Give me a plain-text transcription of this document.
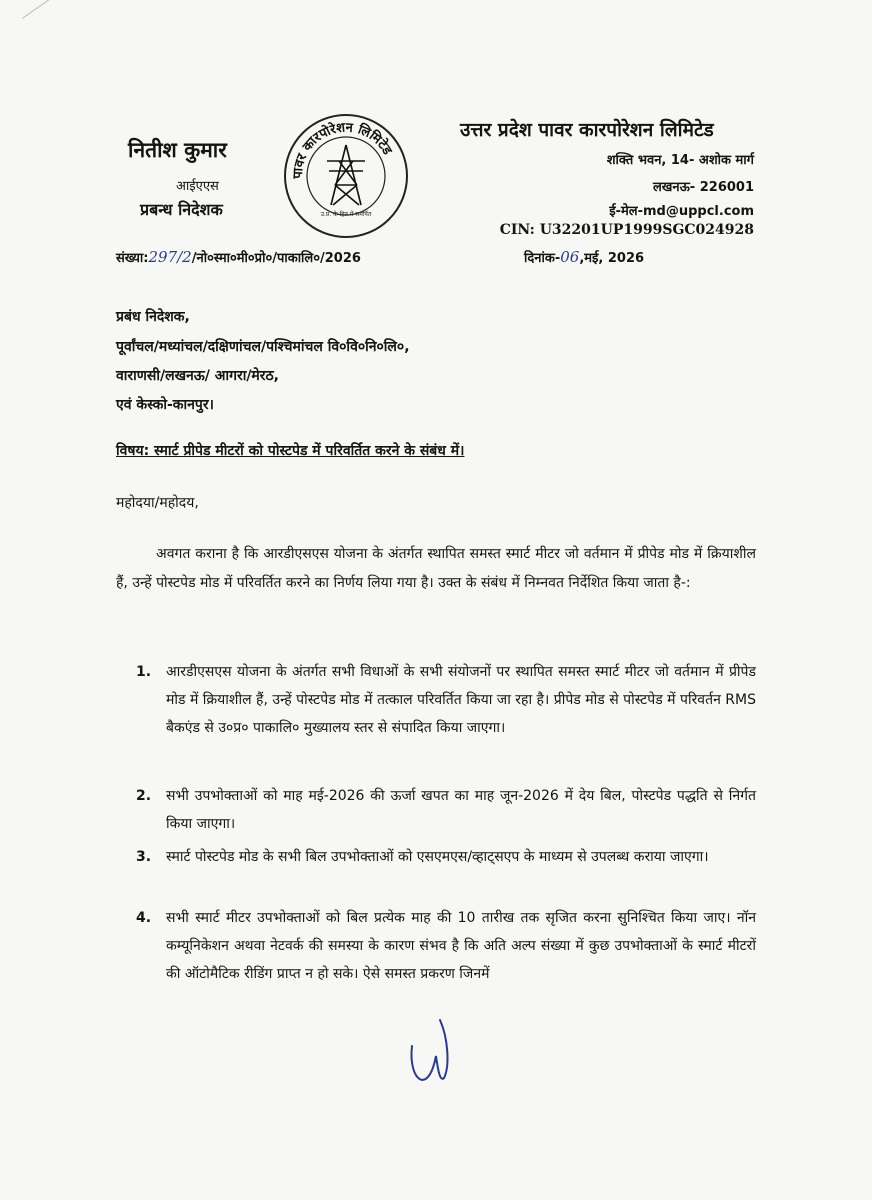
नितीश कुमार
आईएएस
प्रबन्ध निदेशक
पावर कारपोरेशन लिमिटेड
उ.प्र. के हित में समर्पित
उत्तर प्रदेश पावर कारपोरेशन लिमिटेड
शक्ति भवन, 14- अशोक मार्ग
लखनऊ- 226001
ई-मेल-md@uppcl.com
CIN: U32201UP1999SGC024928
संख्या:297/2/नो०स्मा०मी०प्रो०/पाकालि०/2026	दिनांक-06,मई, 2026
प्रबंध निदेशक,
पूर्वांचल/मध्यांचल/दक्षिणांचल/पश्चिमांचल वि०वि०नि०लि०,
वाराणसी/लखनऊ/ आगरा/मेरठ,
एवं केस्को-कानपुर।
विषय: स्मार्ट प्रीपेड मीटरों को पोस्टपेड में परिवर्तित करने के संबंध में।
महोदया/महोदय,
अवगत कराना है कि आरडीएसएस योजना के अंतर्गत स्थापित समस्त स्मार्ट मीटर जो वर्तमान में प्रीपेड मोड में क्रियाशील हैं, उन्हें पोस्टपेड मोड में परिवर्तित करने का निर्णय लिया गया है। उक्त के संबंध में निम्नवत निर्देशित किया जाता है-:
1. आरडीएसएस योजना के अंतर्गत सभी विधाओं के सभी संयोजनों पर स्थापित समस्त स्मार्ट मीटर जो वर्तमान में प्रीपेड मोड में क्रियाशील हैं, उन्हें पोस्टपेड मोड में तत्काल परिवर्तित किया जा रहा है। प्रीपेड मोड से पोस्टपेड में परिवर्तन RMS बैकएंड से उ०प्र० पाकालि० मुख्यालय स्तर से संपादित किया जाएगा।
2. सभी उपभोक्ताओं को माह मई-2026 की ऊर्जा खपत का माह जून-2026 में देय बिल, पोस्टपेड पद्धति से निर्गत किया जाएगा।
3. स्मार्ट पोस्टपेड मोड के सभी बिल उपभोक्ताओं को एसएमएस/व्हाट्सएप के माध्यम से उपलब्ध कराया जाएगा।
4. सभी स्मार्ट मीटर उपभोक्ताओं को बिल प्रत्येक माह की 10 तारीख तक सृजित करना सुनिश्चित किया जाए। नॉन कम्यूनिकेशन अथवा नेटवर्क की समस्या के कारण संभव है कि अति अल्प संख्या में कुछ उपभोक्ताओं के स्मार्ट मीटरों की ऑटोमैटिक रीडिंग प्राप्त न हो सके। ऐसे समस्त प्रकरण जिनमें
